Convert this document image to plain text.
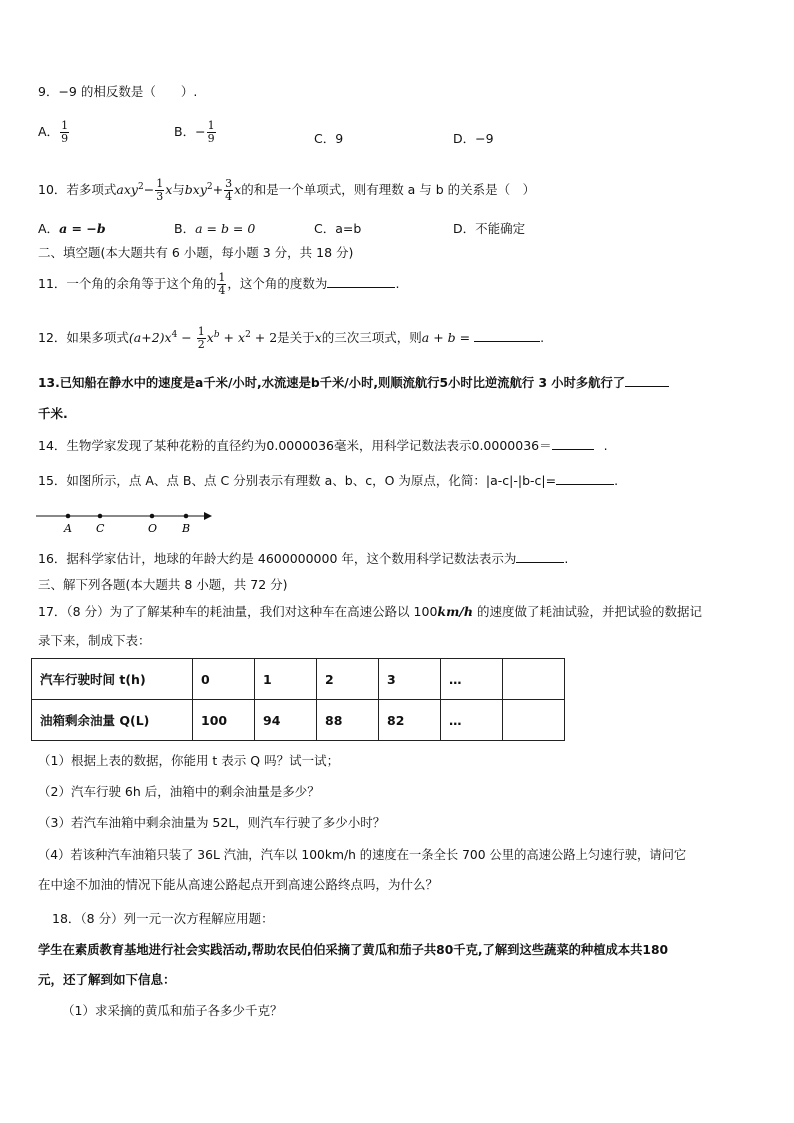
9．−9 的相反数是（　　）.
A． $\frac{1}{9}$	B．− $\frac{1}{9}$	C．9	D．−9
10．若多项式$axy^2- \frac{1}{3}$ x与$bxy^2+ \frac{3}{4}$ x的和是一个单项式，则有理数 a 与 b 的关系是（　）
A．a = −b	B．a = b = 0	C．a=b	D．不能确定
二、填空题(本大题共有 6 小题，每小题 3 分，共 18 分)
11．一个角的余角等于这个角的 $\frac{1}{4}$ ，这个角的度数为	.
12．如果多项式$(a+2)x^4 - \frac{1}{2} x^b + x^2 + 2$是关于x的三次三项式，则a + b =	.
13.已知船在静水中的速度是a千米/小时,水流速是b千米/小时,则顺流航行5小时比逆流航行 3 小时多航行了
千米.
14．生物学家发现了某种花粉的直径约为0.0000036毫米，用科学记数法表示0.0000036＝	.
15．如图所示，点 A、点 B、点 C 分别表示有理数 a、b、c，O 为原点，化简：|a-c|-|b-c|=	.
A C	O B
16．据科学家估计，地球的年龄大约是 4600000000 年，这个数用科学记数法表示为	.
三、解下列各题(本大题共 8 小题，共 72 分)
17．（8 分）为了了解某种车的耗油量，我们对这种车在高速公路以 100km/h 的速度做了耗油试验，并把试验的数据记
录下来，制成下表：
汽车行驶时间 t(h)	0	1	2	3	…	
油箱剩余油量 Q(L)	100	94	88	82	…	
（1）根据上表的数据，你能用 t 表示 Q 吗？试一试；
（2）汽车行驶 6h 后，油箱中的剩余油量是多少？
（3）若汽车油箱中剩余油量为 52L，则汽车行驶了多少小时？
（4）若该种汽车油箱只装了 36L 汽油，汽车以 100km/h 的速度在一条全长 700 公里的高速公路上匀速行驶，请问它
在中途不加油的情况下能从高速公路起点开到高速公路终点吗，为什么？
18．（8 分）列一元一次方程解应用题：
学生在素质教育基地进行社会实践活动,帮助农民伯伯采摘了黄瓜和茄子共80千克,了解到这些蔬菜的种植成本共180
元，还了解到如下信息：
（1）求采摘的黄瓜和茄子各多少千克？
